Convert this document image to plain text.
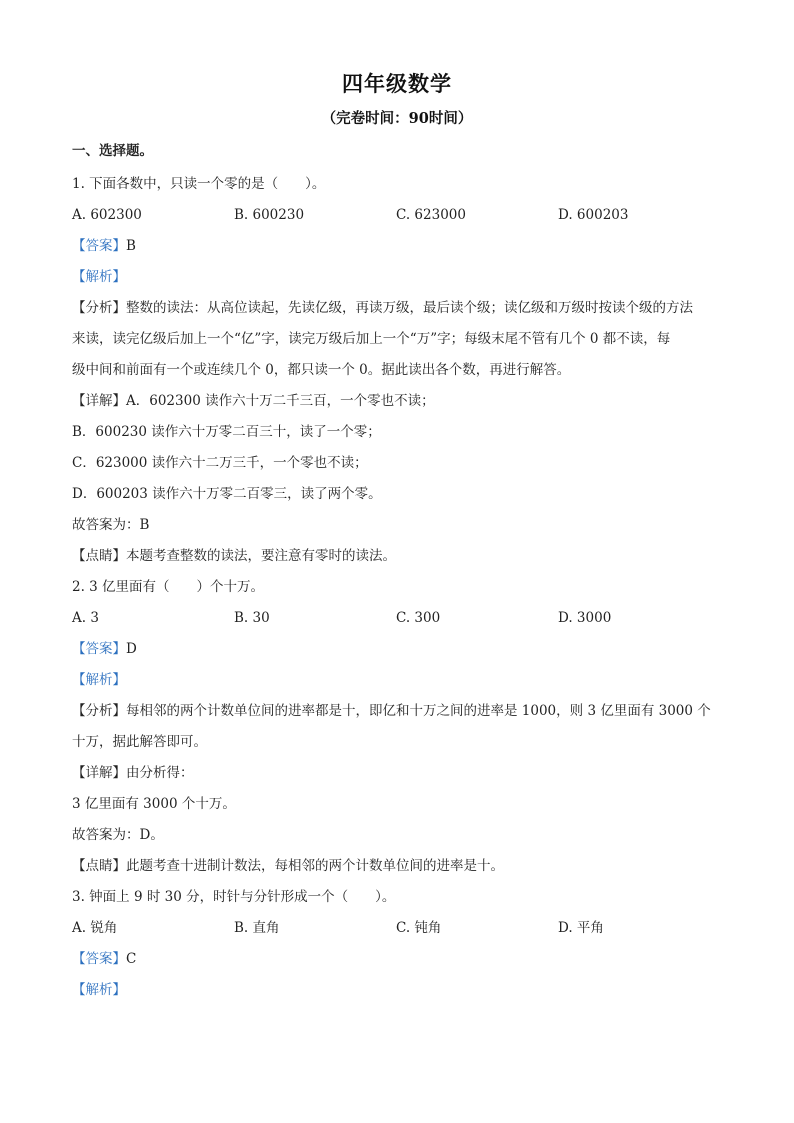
四年级数学
（完卷时间：90时间）
一、选择题。
1. 下面各数中，只读一个零的是（　　）。
A. 602300	B. 600230	C. 623000	D. 600203
【答案】B
【解析】
【分析】整数的读法：从高位读起，先读亿级，再读万级，最后读个级；读亿级和万级时按读个级的方法
来读，读完亿级后加上一个“亿”字，读完万级后加上一个“万”字；每级末尾不管有几个 0 都不读，每
级中间和前面有一个或连续几个 0，都只读一个 0。据此读出各个数，再进行解答。
【详解】A．602300 读作六十万二千三百，一个零也不读；
B．600230 读作六十万零二百三十，读了一个零；
C．623000 读作六十二万三千，一个零也不读；
D．600203 读作六十万零二百零三，读了两个零。
故答案为：B
【点睛】本题考查整数的读法，要注意有零时的读法。
2. 3 亿里面有（　　）个十万。
A. 3	B. 30	C. 300	D. 3000
【答案】D
【解析】
【分析】每相邻的两个计数单位间的进率都是十，即亿和十万之间的进率是 1000，则 3 亿里面有 3000 个
十万，据此解答即可。
【详解】由分析得：
3 亿里面有 3000 个十万。
故答案为：D。
【点睛】此题考查十进制计数法，每相邻的两个计数单位间的进率是十。
3. 钟面上 9 时 30 分，时针与分针形成一个（　　）。
A. 锐角	B. 直角	C. 钝角	D. 平角
【答案】C
【解析】
